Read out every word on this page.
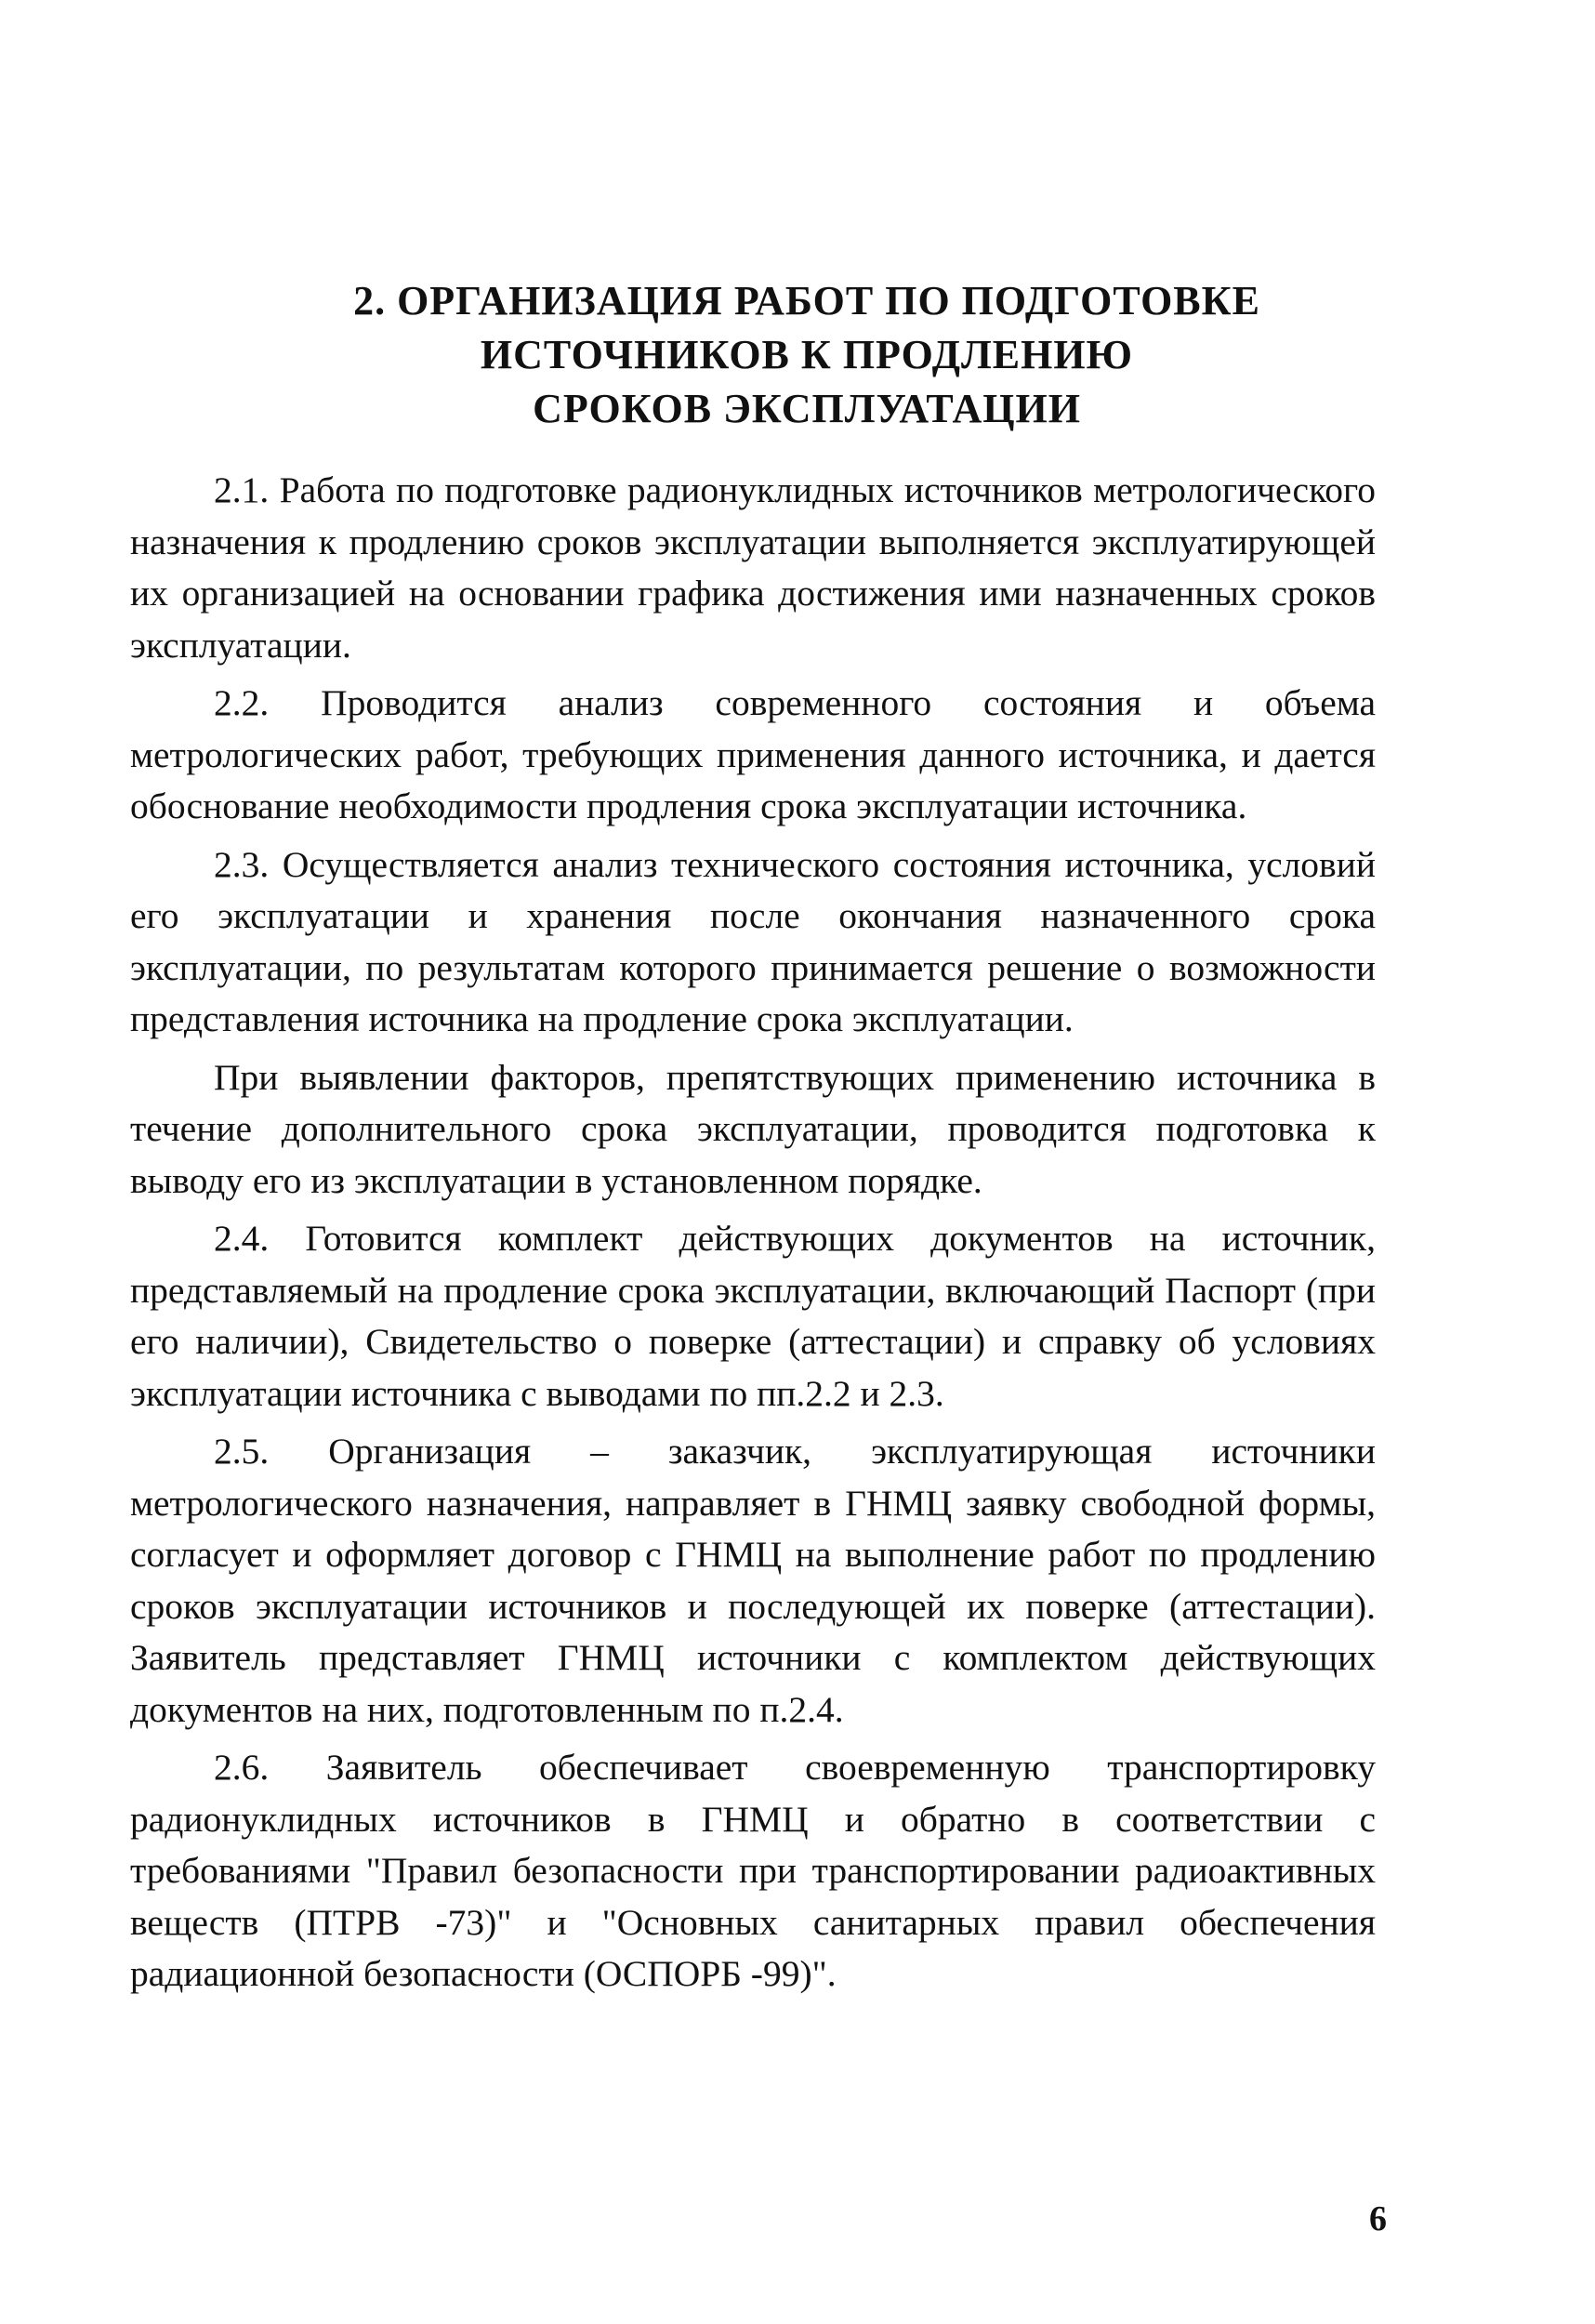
2. ОРГАНИЗАЦИЯ РАБОТ ПО ПОДГОТОВКЕ
ИСТОЧНИКОВ К ПРОДЛЕНИЮ
СРОКОВ ЭКСПЛУАТАЦИИ

2.1. Работа по подготовке радионуклидных источников метрологического назначения к продлению сроков эксплуатации выполняется эксплуатирующей их организацией на основании графика достижения ими назначенных сроков эксплуатации.

2.2. Проводится анализ современного состояния и объема метрологических работ, требующих применения данного источника, и дается обоснование необходимости продления срока эксплуатации источника.

2.3. Осуществляется анализ технического состояния источника, условий его эксплуатации и хранения после окончания назначенного срока эксплуатации, по результатам которого принимается решение о возможности представления источника на продление срока эксплуатации.

При выявлении факторов, препятствующих применению источника в течение дополнительного срока эксплуатации, проводится подготовка к выводу его из эксплуатации в установленном порядке.

2.4. Готовится комплект действующих документов на источник, представляемый на продление срока эксплуатации, включающий Паспорт (при его наличии), Свидетельство о поверке (аттестации) и справку об условиях эксплуатации источника с выводами по пп.2.2 и 2.3.

2.5. Организация – заказчик, эксплуатирующая источники метрологического назначения, направляет в ГНМЦ заявку свободной формы, согласует и оформляет договор с ГНМЦ на выполнение работ по продлению сроков эксплуатации источников и последующей их поверке (аттестации). Заявитель представляет ГНМЦ источники с комплектом действующих документов на них, подготовленным по п.2.4.

2.6. Заявитель обеспечивает своевременную транспортировку радионуклидных источников в ГНМЦ и обратно в соответствии с требованиями "Правил безопасности при транспортировании радиоактивных веществ (ПТРВ -73)" и "Основных санитарных правил обеспечения радиационной безопасности (ОСПОРБ -99)".

6
